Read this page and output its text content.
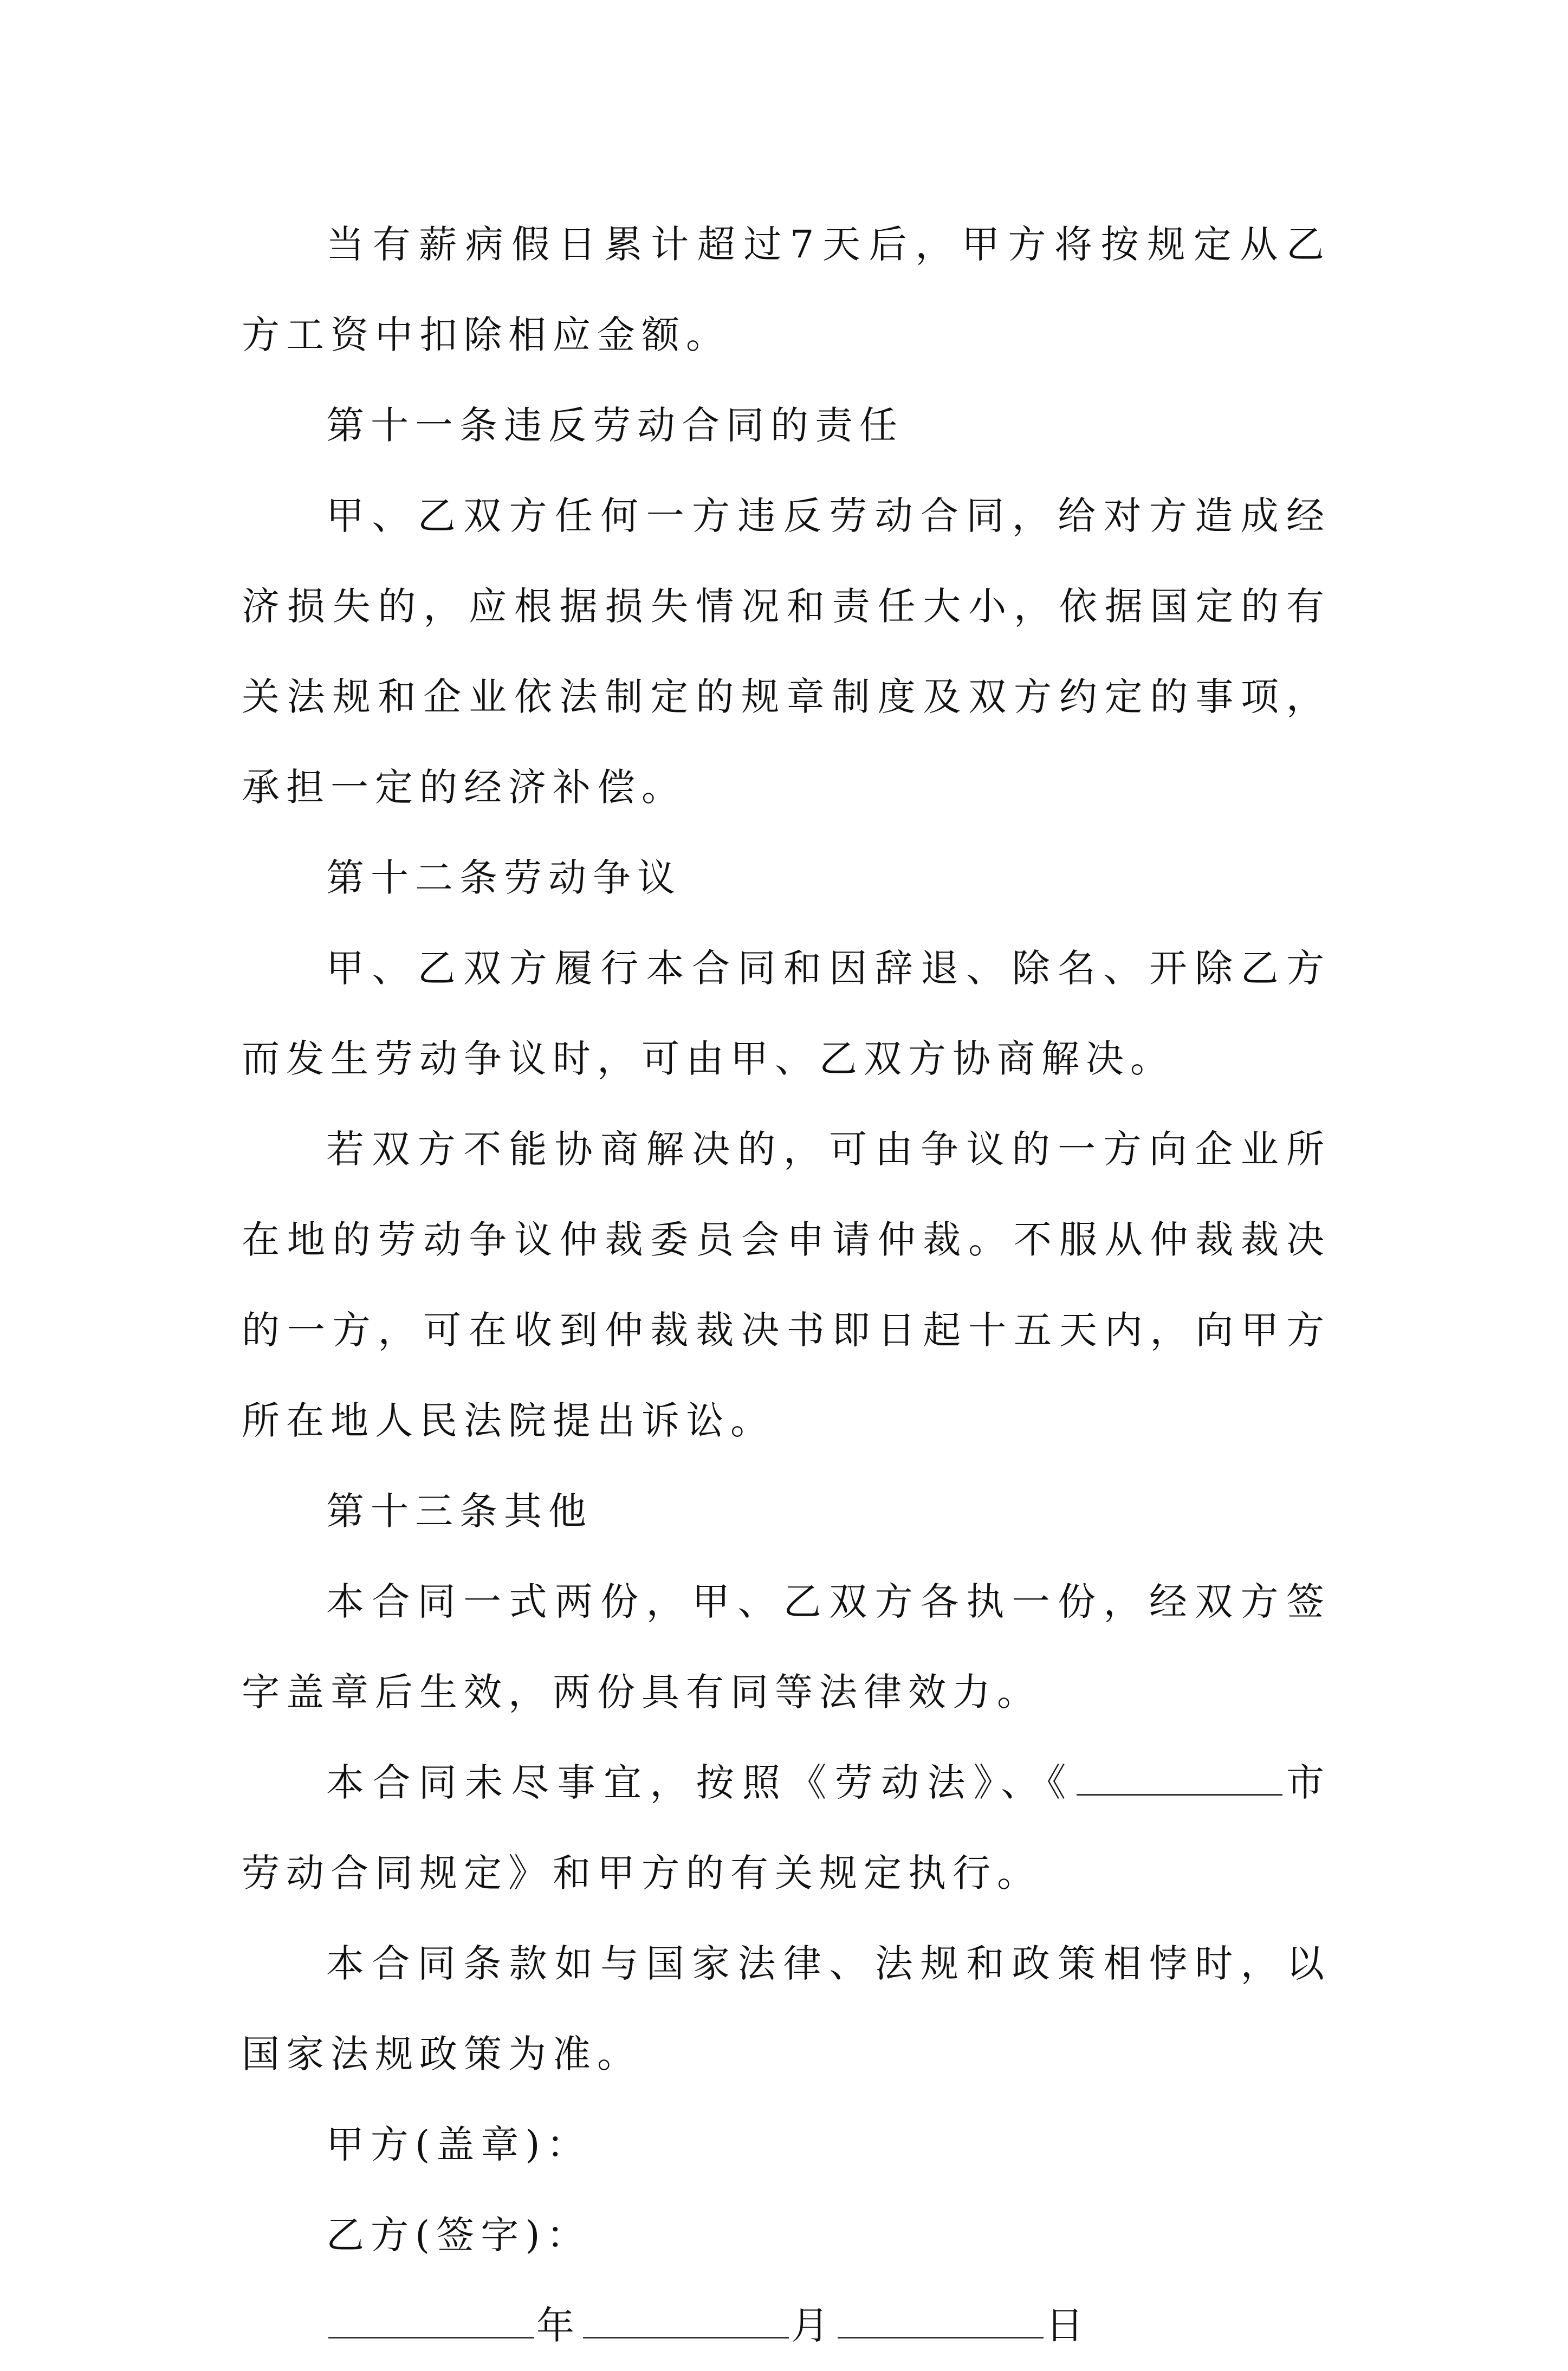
当有薪病假日累计超过7天后，甲方将按规定从乙方工资中扣除相应金额。

第十一条违反劳动合同的责任

甲、乙双方任何一方违反劳动合同，给对方造成经济损失的，应根据损失情况和责任大小，依据国定的有关法规和企业依法制定的规章制度及双方约定的事项，承担一定的经济补偿。

第十二条劳动争议

甲、乙双方履行本合同和因辞退、除名、开除乙方而发生劳动争议时，可由甲、乙双方协商解决。

若双方不能协商解决的，可由争议的一方向企业所在地的劳动争议仲裁委员会申请仲裁。不服从仲裁裁决的一方，可在收到仲裁裁决书即日起十五天内，向甲方所在地人民法院提出诉讼。

第十三条其他

本合同一式两份，甲、乙双方各执一份，经双方签字盖章后生效，两份具有同等法律效力。

本合同未尽事宜，按照《劳动法》、《	市劳动合同规定》和甲方的有关规定执行。

本合同条款如与国家法律、法规和政策相悖时，以国家法规政策为准。

甲方(盖章)：

乙方(签字)：

年	月	日
